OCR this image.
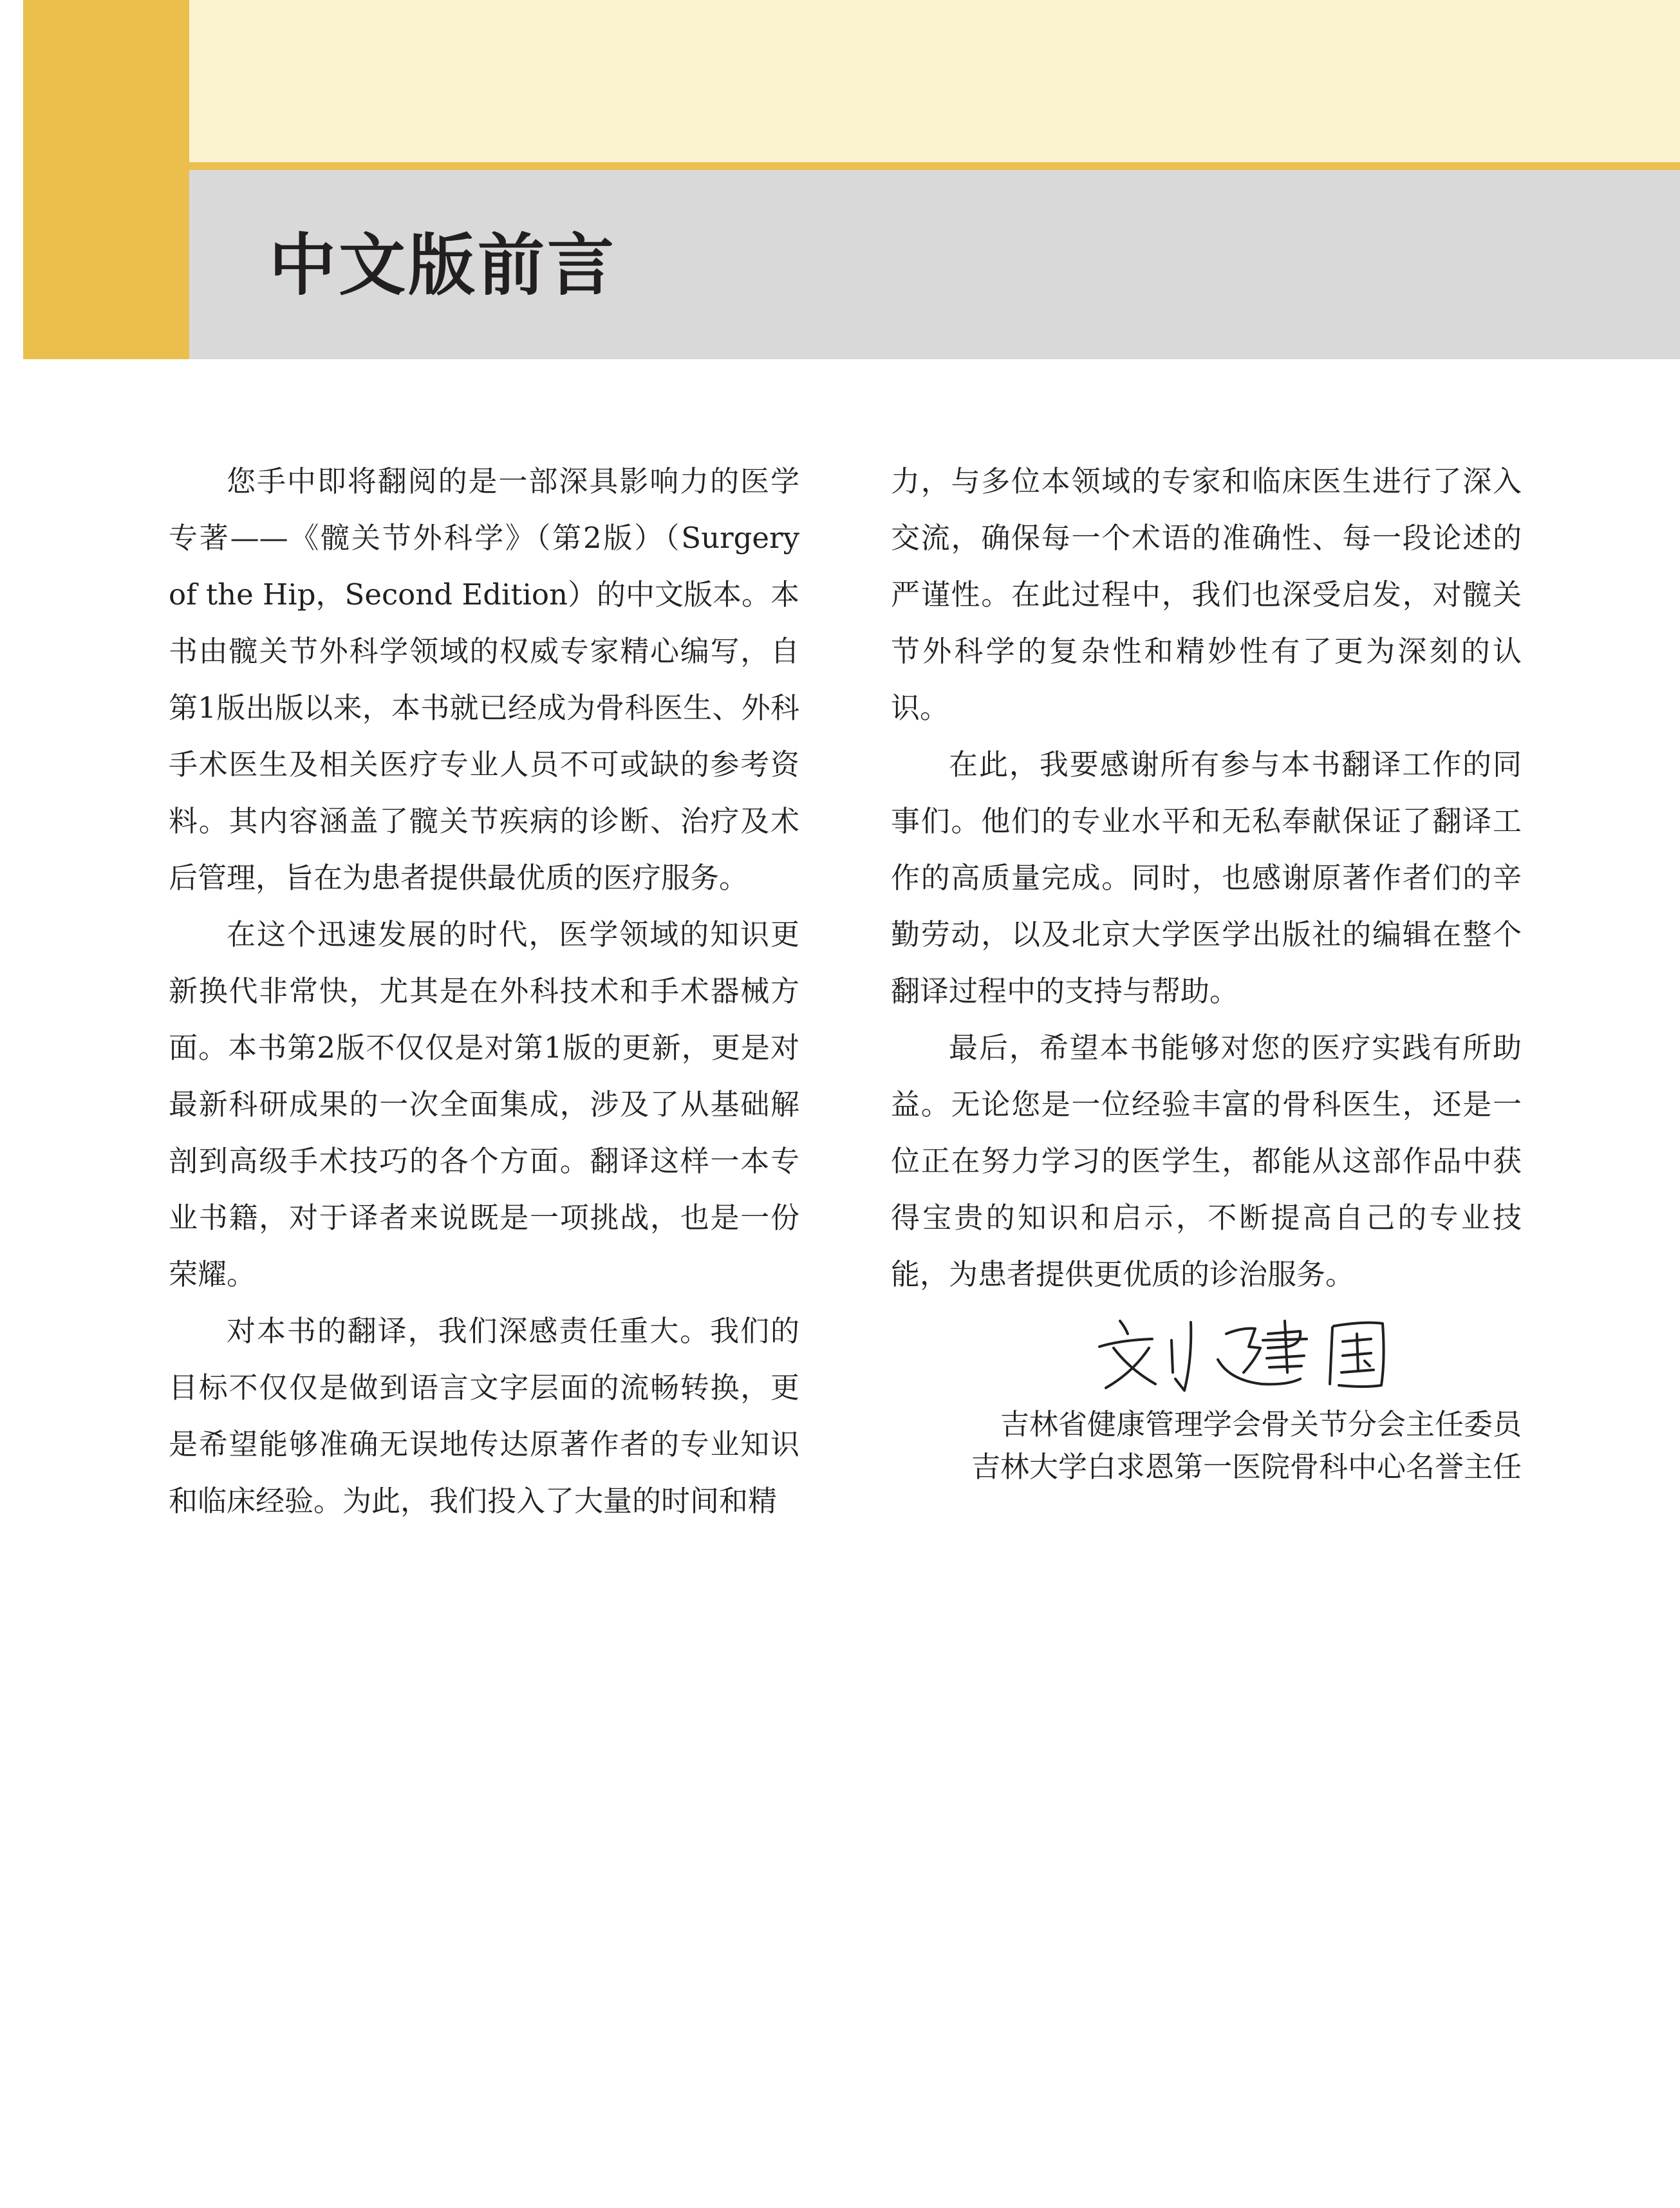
中文版前言

您手中即将翻阅的是一部深具影响力的医学专著——《髋关节外科学》（第2版）（Surgery of the Hip，Second Edition）的中文版本。本书由髋关节外科学领域的权威专家精心编写，自第1版出版以来，本书就已经成为骨科医生、外科手术医生及相关医疗专业人员不可或缺的参考资料。其内容涵盖了髋关节疾病的诊断、治疗及术后管理，旨在为患者提供最优质的医疗服务。

在这个迅速发展的时代，医学领域的知识更新换代非常快，尤其是在外科技术和手术器械方面。本书第2版不仅仅是对第1版的更新，更是对最新科研成果的一次全面集成，涉及了从基础解剖到高级手术技巧的各个方面。翻译这样一本专业书籍，对于译者来说既是一项挑战，也是一份荣耀。

对本书的翻译，我们深感责任重大。我们的目标不仅仅是做到语言文字层面的流畅转换，更是希望能够准确无误地传达原著作者的专业知识和临床经验。为此，我们投入了大量的时间和精

力，与多位本领域的专家和临床医生进行了深入交流，确保每一个术语的准确性、每一段论述的严谨性。在此过程中，我们也深受启发，对髋关节外科学的复杂性和精妙性有了更为深刻的认识。

在此，我要感谢所有参与本书翻译工作的同事们。他们的专业水平和无私奉献保证了翻译工作的高质量完成。同时，也感谢原著作者们的辛勤劳动，以及北京大学医学出版社的编辑在整个翻译过程中的支持与帮助。

最后，希望本书能够对您的医疗实践有所助益。无论您是一位经验丰富的骨科医生，还是一位正在努力学习的医学生，都能从这部作品中获得宝贵的知识和启示，不断提高自己的专业技能，为患者提供更优质的诊治服务。

吉林省健康管理学会骨关节分会主任委员
吉林大学白求恩第一医院骨科中心名誉主任
